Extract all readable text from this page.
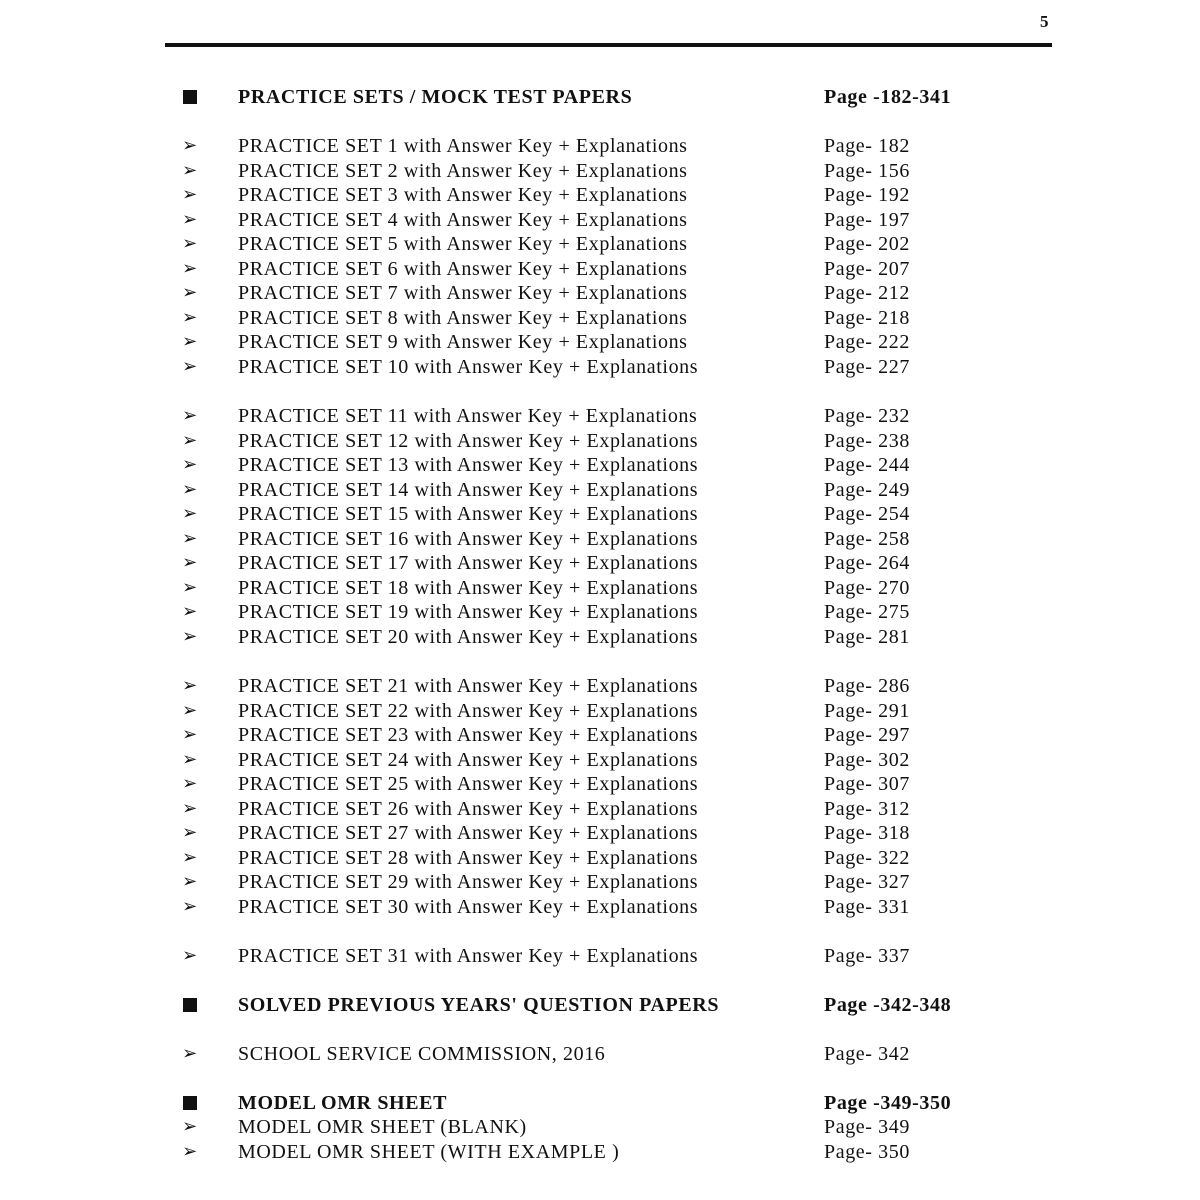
5
PRACTICE SETS / MOCK TEST PAPERS	Page -182-341
➢ PRACTICE SET 1 with Answer Key + Explanations	Page- 182
➢ PRACTICE SET 2 with Answer Key + Explanations	Page- 156
➢ PRACTICE SET 3 with Answer Key + Explanations	Page- 192
➢ PRACTICE SET 4 with Answer Key + Explanations	Page- 197
➢ PRACTICE SET 5 with Answer Key + Explanations	Page- 202
➢ PRACTICE SET 6 with Answer Key + Explanations	Page- 207
➢ PRACTICE SET 7 with Answer Key + Explanations	Page- 212
➢ PRACTICE SET 8 with Answer Key + Explanations	Page- 218
➢ PRACTICE SET 9 with Answer Key + Explanations	Page- 222
➢ PRACTICE SET 10 with Answer Key + Explanations	Page- 227
➢ PRACTICE SET 11 with Answer Key + Explanations	Page- 232
➢ PRACTICE SET 12 with Answer Key + Explanations	Page- 238
➢ PRACTICE SET 13 with Answer Key + Explanations	Page- 244
➢ PRACTICE SET 14 with Answer Key + Explanations	Page- 249
➢ PRACTICE SET 15 with Answer Key + Explanations	Page- 254
➢ PRACTICE SET 16 with Answer Key + Explanations	Page- 258
➢ PRACTICE SET 17 with Answer Key + Explanations	Page- 264
➢ PRACTICE SET 18 with Answer Key + Explanations	Page- 270
➢ PRACTICE SET 19 with Answer Key + Explanations	Page- 275
➢ PRACTICE SET 20 with Answer Key + Explanations	Page- 281
➢ PRACTICE SET 21 with Answer Key + Explanations	Page- 286
➢ PRACTICE SET 22 with Answer Key + Explanations	Page- 291
➢ PRACTICE SET 23 with Answer Key + Explanations	Page- 297
➢ PRACTICE SET 24 with Answer Key + Explanations	Page- 302
➢ PRACTICE SET 25 with Answer Key + Explanations	Page- 307
➢ PRACTICE SET 26 with Answer Key + Explanations	Page- 312
➢ PRACTICE SET 27 with Answer Key + Explanations	Page- 318
➢ PRACTICE SET 28 with Answer Key + Explanations	Page- 322
➢ PRACTICE SET 29 with Answer Key + Explanations	Page- 327
➢ PRACTICE SET 30 with Answer Key + Explanations	Page- 331
➢ PRACTICE SET 31 with Answer Key + Explanations	Page- 337
SOLVED PREVIOUS YEARS' QUESTION PAPERS	Page -342-348
➢ SCHOOL SERVICE COMMISSION, 2016	Page- 342
MODEL OMR SHEET	Page -349-350
➢ MODEL OMR SHEET (BLANK)	Page- 349
➢ MODEL OMR SHEET (WITH EXAMPLE )	Page- 350
